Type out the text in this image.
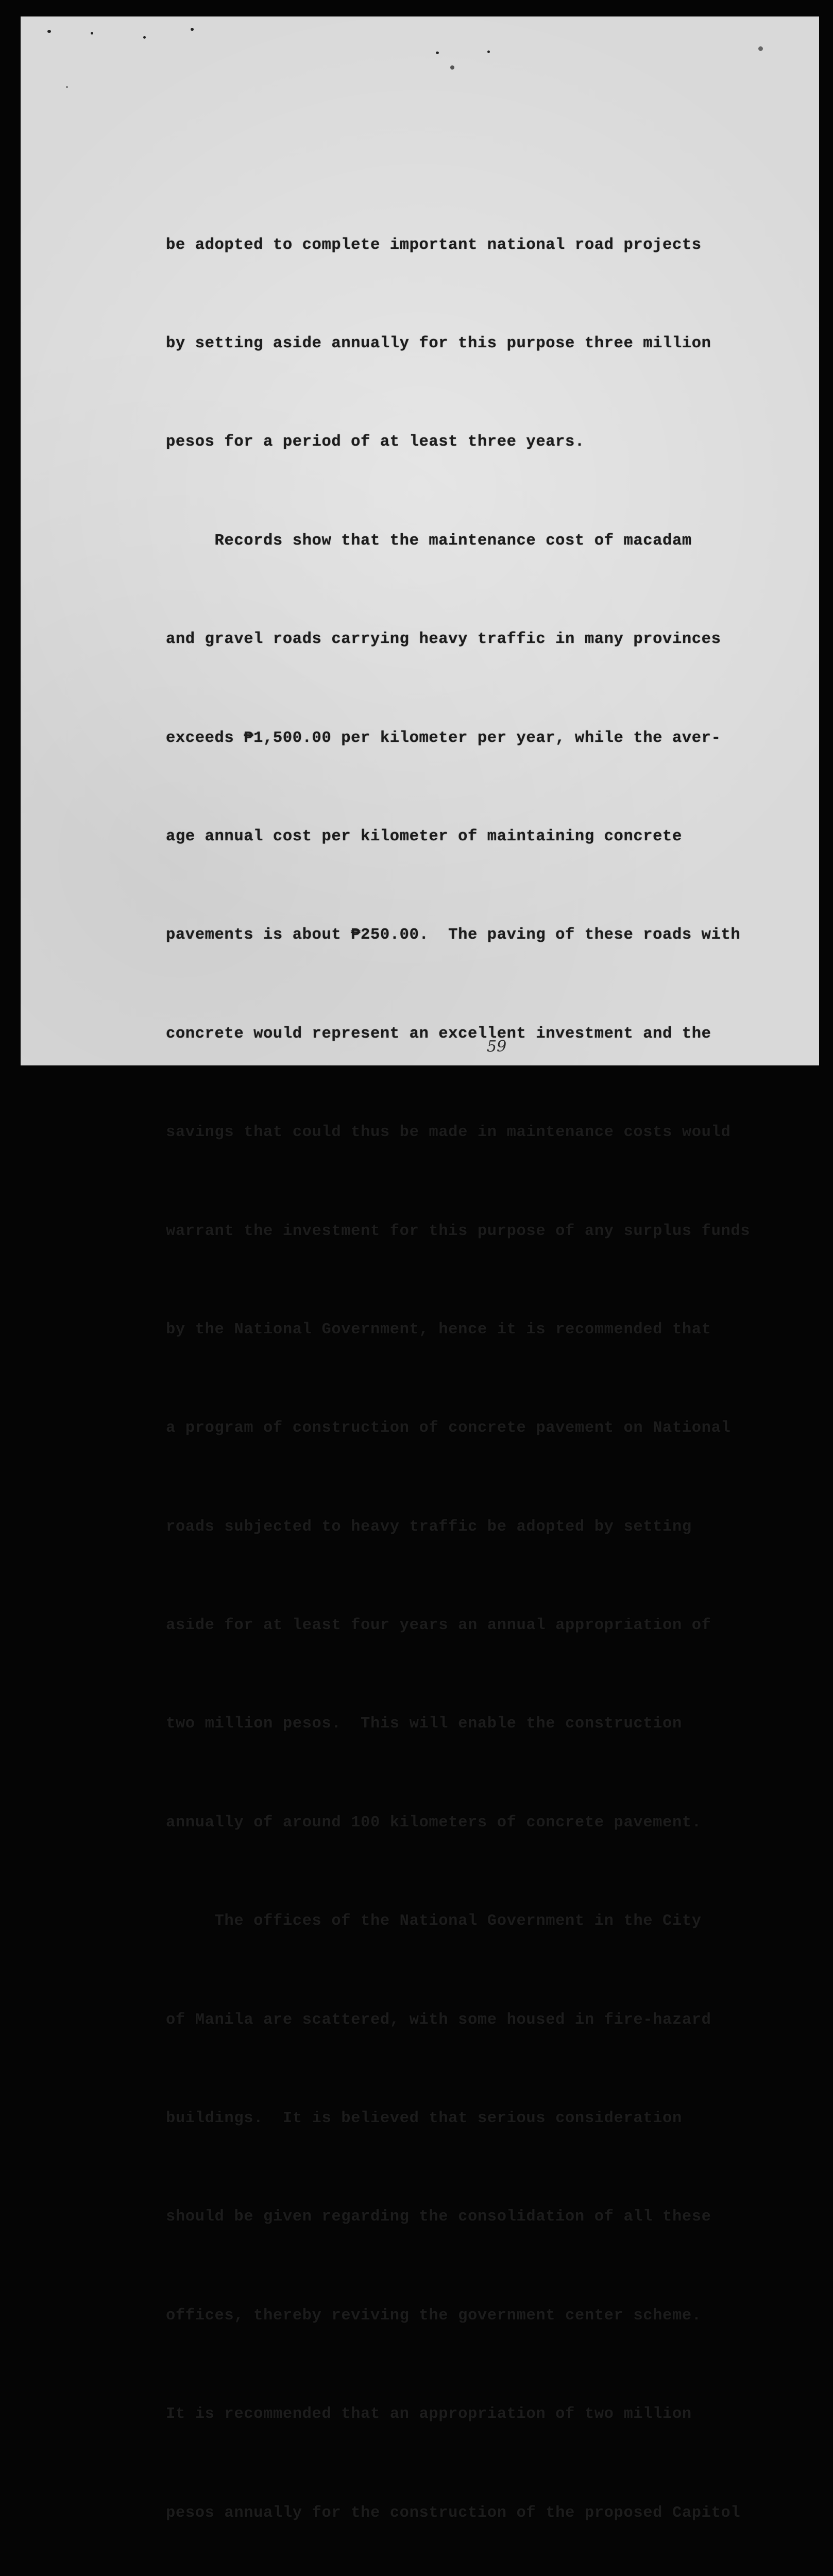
be adopted to complete important national road projects

by setting aside annually for this purpose three million

pesos for a period of at least three years.

Records show that the maintenance cost of macadam

and gravel roads carrying heavy traffic in many provinces

exceeds ₱1,500.00 per kilometer per year, while the aver-

age annual cost per kilometer of maintaining concrete

pavements is about ₱250.00.  The paving of these roads with

concrete would represent an excellent investment and the

savings that could thus be made in maintenance costs would

warrant the investment for this purpose of any surplus funds

by the National Government, hence it is recommended that

a program of construction of concrete pavement on National

roads subjected to heavy traffic be adopted by setting

aside for at least four years an annual appropriation of

two million pesos.  This will enable the construction

annually of around 100 kilometers of concrete pavement.

The offices of the National Government in the City

of Manila are scattered, with some housed in fire-hazard

buildings.  It is believed that serious consideration

should be given regarding the consolidation of all these

offices, thereby reviving the government center scheme.

It is recommended that an appropriation of two million

pesos annually for the construction of the proposed Capitol

59
